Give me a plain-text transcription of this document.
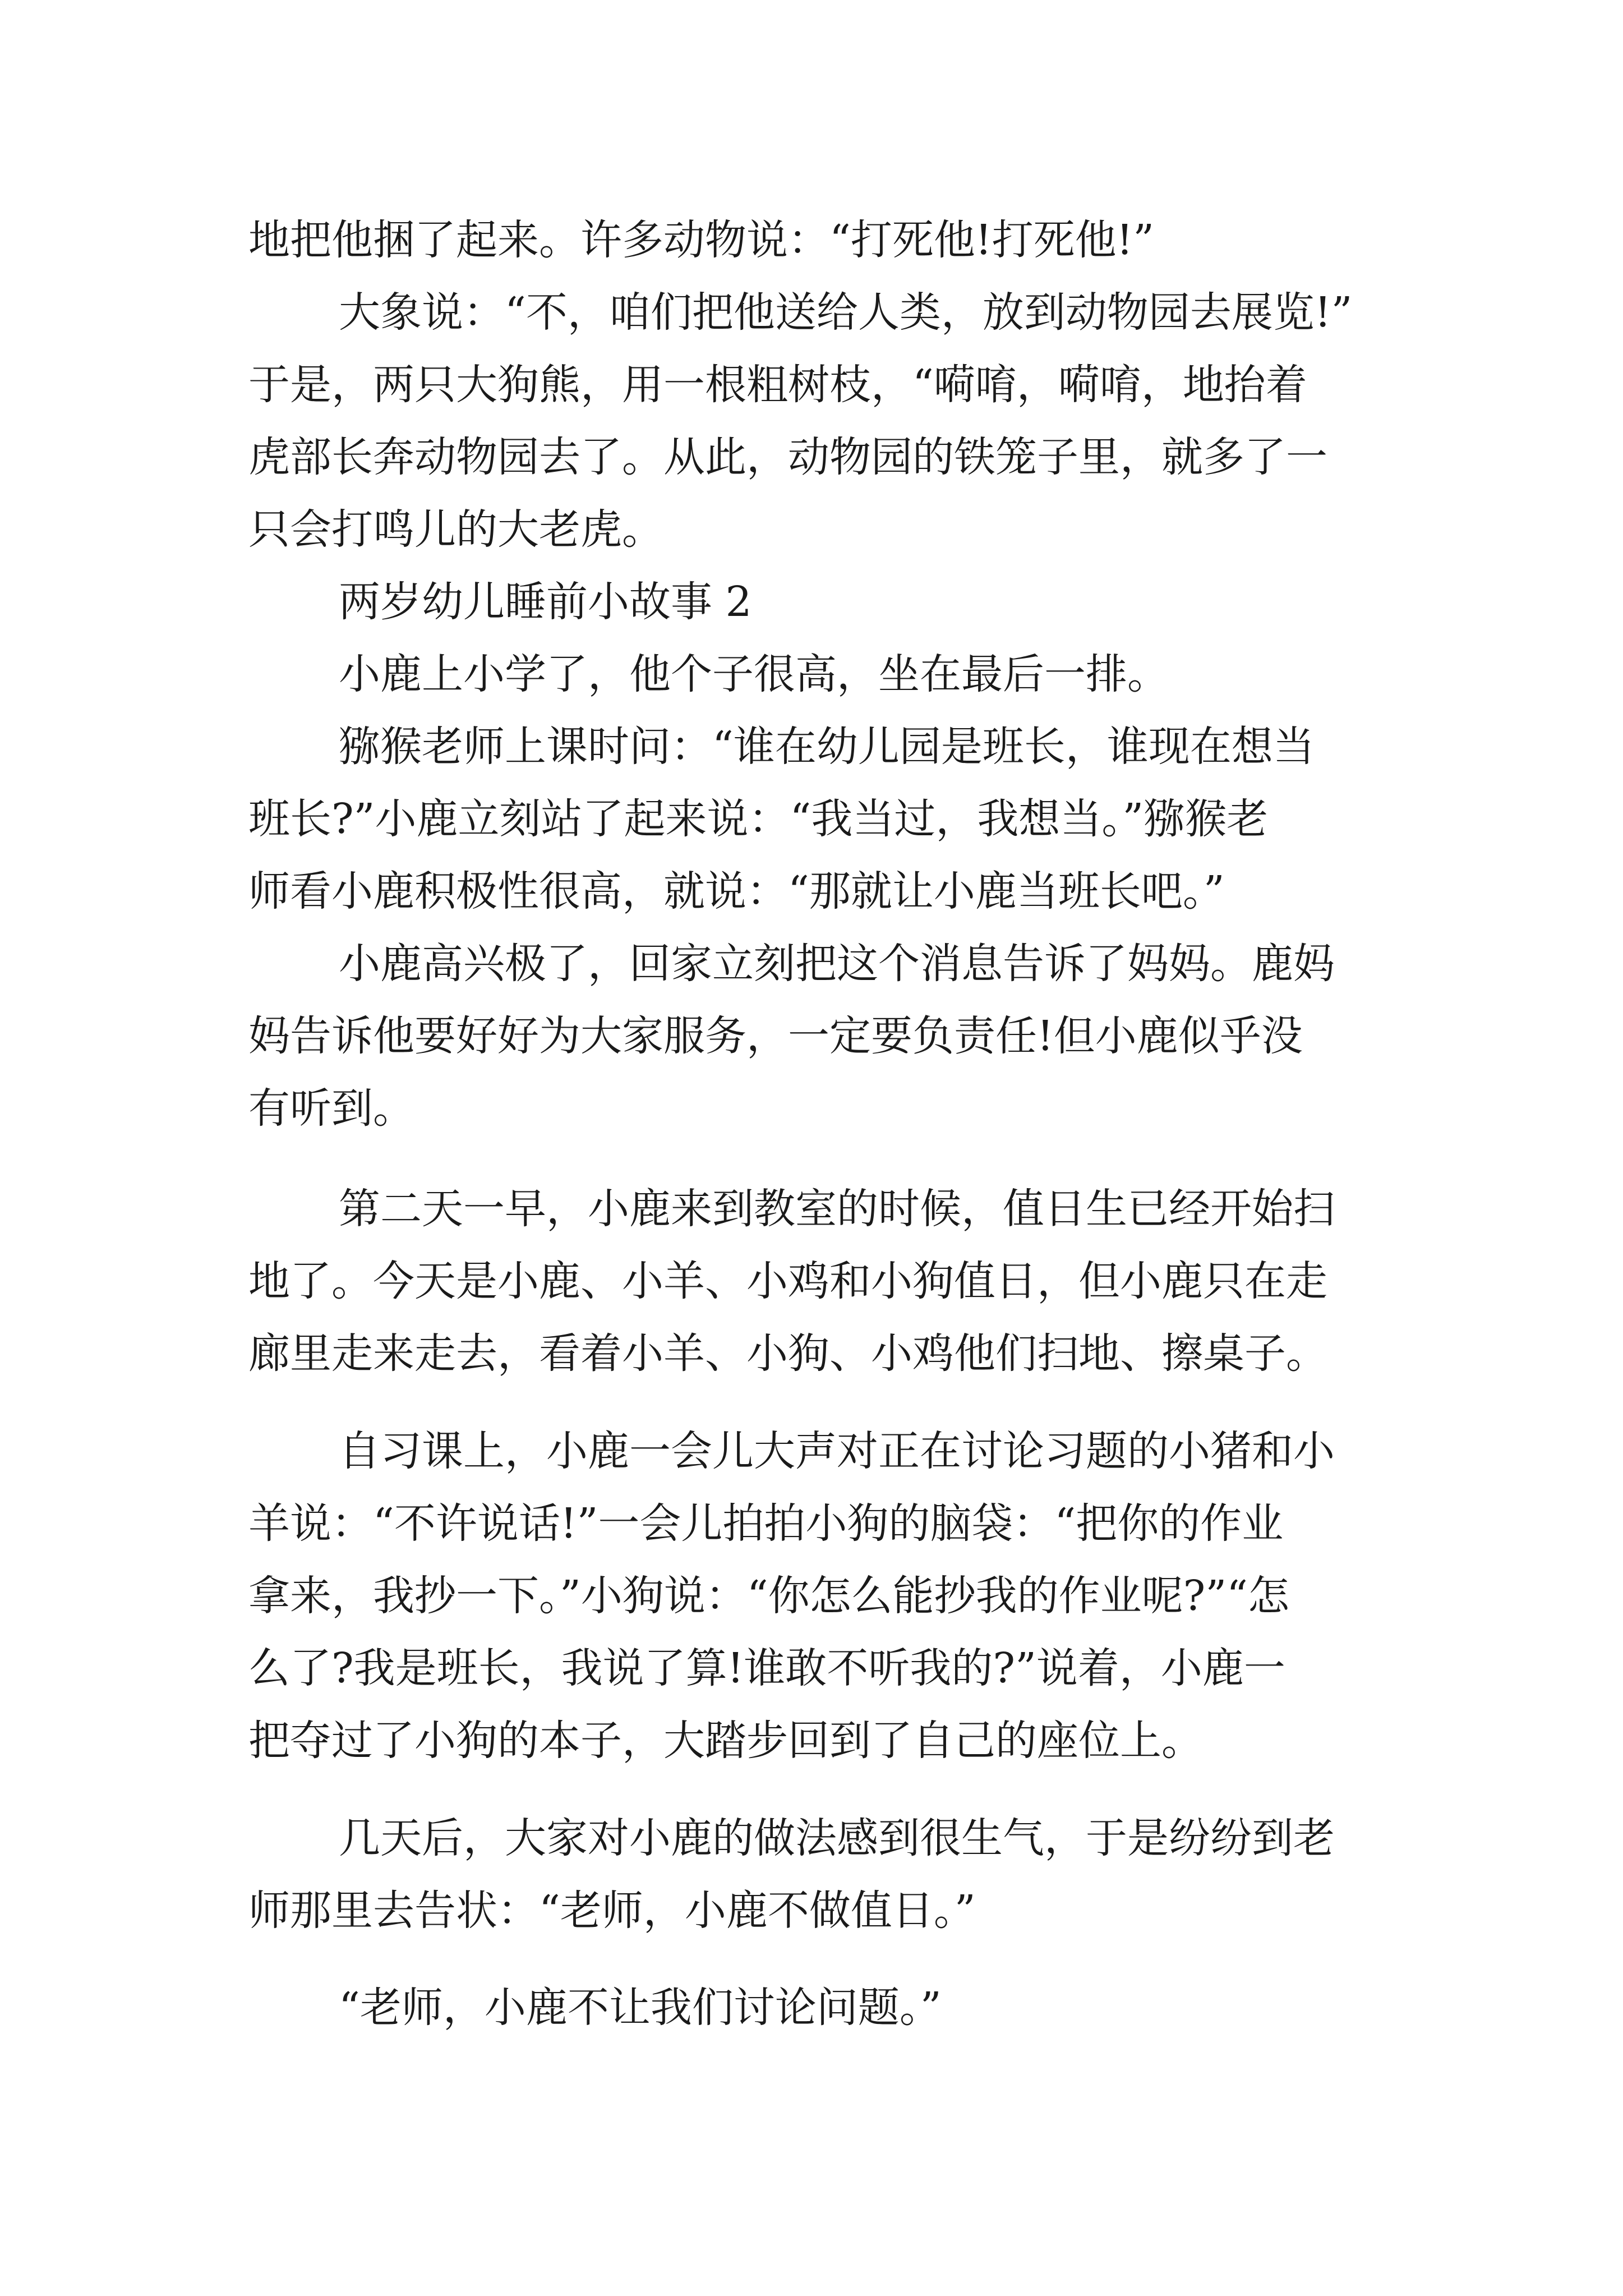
地把他捆了起来。许多动物说：“打死他!打死他!”

大象说：“不，咱们把他送给人类，放到动物园去展览!”

于是，两只大狗熊，用一根粗树枝，“嗬唷，嗬唷，地抬着

虎部长奔动物园去了。从此，动物园的铁笼子里，就多了一

只会打鸣儿的大老虎。

两岁幼儿睡前小故事 2

小鹿上小学了，他个子很高，坐在最后一排。

猕猴老师上课时问：“谁在幼儿园是班长，谁现在想当

班长?”小鹿立刻站了起来说：“我当过，我想当。”猕猴老

师看小鹿积极性很高，就说：“那就让小鹿当班长吧。”

小鹿高兴极了，回家立刻把这个消息告诉了妈妈。鹿妈

妈告诉他要好好为大家服务，一定要负责任!但小鹿似乎没

有听到。

第二天一早，小鹿来到教室的时候，值日生已经开始扫

地了。今天是小鹿、小羊、小鸡和小狗值日，但小鹿只在走

廊里走来走去，看着小羊、小狗、小鸡他们扫地、擦桌子。

自习课上，小鹿一会儿大声对正在讨论习题的小猪和小

羊说：“不许说话!”一会儿拍拍小狗的脑袋：“把你的作业

拿来，我抄一下。”小狗说：“你怎么能抄我的作业呢?”“怎

么了?我是班长，我说了算!谁敢不听我的?”说着，小鹿一

把夺过了小狗的本子，大踏步回到了自己的座位上。

几天后，大家对小鹿的做法感到很生气，于是纷纷到老

师那里去告状：“老师，小鹿不做值日。”

“老师，小鹿不让我们讨论问题。”
